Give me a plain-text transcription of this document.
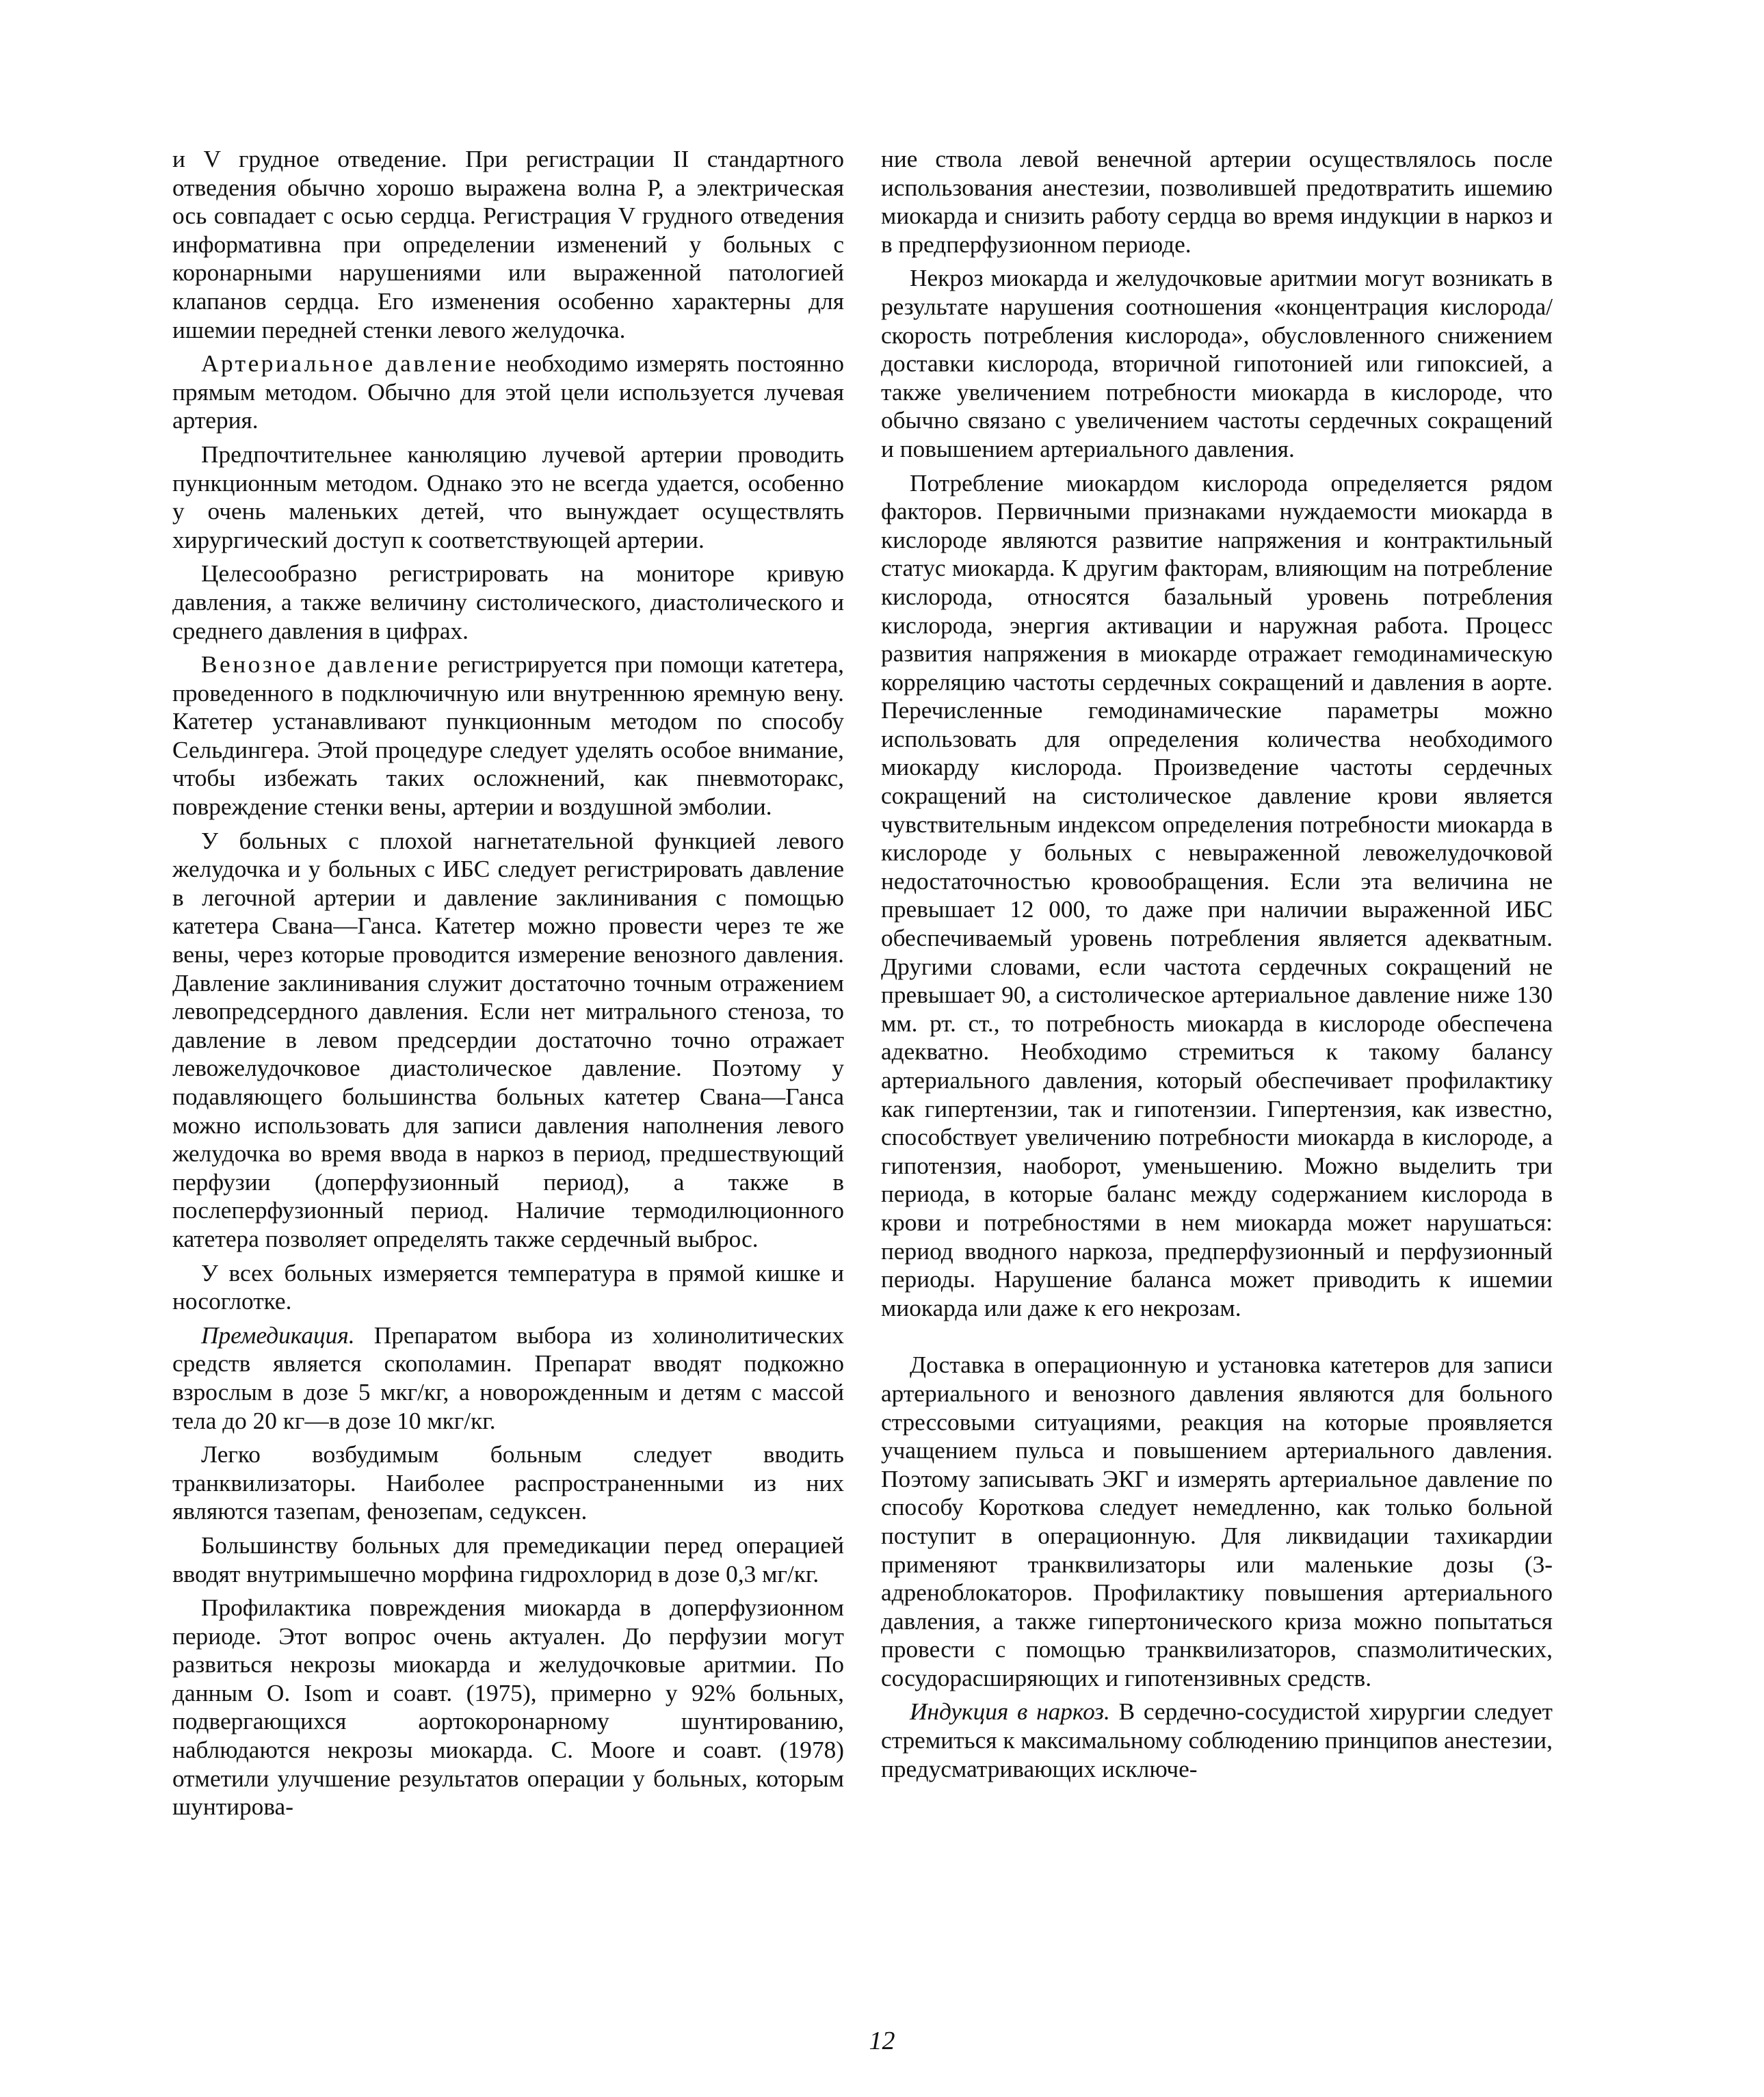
и V грудное отведение. При регистрации II стандартного отведения обычно хорошо выражена волна P, а электрическая ось совпадает с осью сердца. Регистрация V грудного отведения информативна при определении изменений у больных с коронарными нарушениями или выраженной патологией клапанов сердца. Его изменения особенно характерны для ишемии передней стенки левого желудочка.

Артериальное давление необходимо измерять постоянно прямым методом. Обычно для этой цели используется лучевая артерия.

Предпочтительнее канюляцию лучевой артерии проводить пункционным методом. Однако это не всегда удается, особенно у очень маленьких детей, что вынуждает осуществлять хирургический доступ к соответствующей артерии.

Целесообразно регистрировать на мониторе кривую давления, а также величину систолического, диастолического и среднего давления в цифрах.

Венозное давление регистрируется при помощи катетера, проведенного в подключичную или внутреннюю яремную вену. Катетер устанавливают пункционным методом по способу Сельдингера. Этой процедуре следует уделять особое внимание, чтобы избежать таких осложнений, как пневмоторакс, повреждение стенки вены, артерии и воздушной эмболии.

У больных с плохой нагнетательной функцией левого желудочка и у больных с ИБС следует регистрировать давление в легочной артерии и давление заклинивания с помощью катетера Свана—Ганса. Катетер можно провести через те же вены, через которые проводится измерение венозного давления. Давление заклинивания служит достаточно точным отражением левопредсердного давления. Если нет митрального стеноза, то давление в левом предсердии достаточно точно отражает левожелудочковое диастолическое давление. Поэтому у подавляющего большинства больных катетер Свана—Ганса можно использовать для записи давления наполнения левого желудочка во время ввода в наркоз в период, предшествующий перфузии (доперфузионный период), а также в послеперфузионный период. Наличие термодилюционного катетера позволяет определять также сердечный выброс.

У всех больных измеряется температура в прямой кишке и носоглотке.

Премедикация. Препаратом выбора из холинолитических средств является скополамин. Препарат вводят подкожно взрослым в дозе 5 мкг/кг, а новорожденным и детям с массой тела до 20 кг—в дозе 10 мкг/кг.

Легко возбудимым больным следует вводить транквилизаторы. Наиболее распространенными из них являются тазепам, фенозепам, седуксен.

Большинству больных для премедикации перед операцией вводят внутримышечно морфина гидрохлорид в дозе 0,3 мг/кг.

Профилактика повреждения миокарда в доперфузионном периоде. Этот вопрос очень актуален. До перфузии могут развиться некрозы миокарда и желудочковые аритмии. По данным O. Isom и соавт. (1975), примерно у 92% больных, подвергающихся аортокоронарному шунтированию, наблюдаются некрозы миокарда. C. Moore и соавт. (1978) отметили улучшение результатов операции у больных, которым шунтирова-

ние ствола левой венечной артерии осуществлялось после использования анестезии, позволившей предотвратить ишемию миокарда и снизить работу сердца во время индукции в наркоз и в предперфузионном периоде.

Некроз миокарда и желудочковые аритмии могут возникать в результате нарушения соотношения «концентрация кислорода/скорость потребления кислорода», обусловленного снижением доставки кислорода, вторичной гипотонией или гипоксией, а также увеличением потребности миокарда в кислороде, что обычно связано с увеличением частоты сердечных сокращений и повышением артериального давления.

Потребление миокардом кислорода определяется рядом факторов. Первичными признаками нуждаемости миокарда в кислороде являются развитие напряжения и контрактильный статус миокарда. К другим факторам, влияющим на потребление кислорода, относятся базальный уровень потребления кислорода, энергия активации и наружная работа. Процесс развития напряжения в миокарде отражает гемодинамическую корреляцию частоты сердечных сокращений и давления в аорте. Перечисленные гемодинамические параметры можно использовать для определения количества необходимого миокарду кислорода. Произведение частоты сердечных сокращений на систолическое давление крови является чувствительным индексом определения потребности миокарда в кислороде у больных с невыраженной левожелудочковой недостаточностью кровообращения. Если эта величина не превышает 12 000, то даже при наличии выраженной ИБС обеспечиваемый уровень потребления является адекватным. Другими словами, если частота сердечных сокращений не превышает 90, а систолическое артериальное давление ниже 130 мм. рт. ст., то потребность миокарда в кислороде обеспечена адекватно. Необходимо стремиться к такому балансу артериального давления, который обеспечивает профилактику как гипертензии, так и гипотензии. Гипертензия, как известно, способствует увеличению потребности миокарда в кислороде, а гипотензия, наоборот, уменьшению. Можно выделить три периода, в которые баланс между содержанием кислорода в крови и потребностями в нем миокарда может нарушаться: период вводного наркоза, предперфузионный и перфузионный периоды. Нарушение баланса может приводить к ишемии миокарда или даже к его некрозам.

Доставка в операционную и установка катетеров для записи артериального и венозного давления являются для больного стрессовыми ситуациями, реакция на которые проявляется учащением пульса и повышением артериального давления. Поэтому записывать ЭКГ и измерять артериальное давление по способу Короткова следует немедленно, как только больной поступит в операционную. Для ликвидации тахикардии применяют транквилизаторы или маленькие дозы (3-адреноблокаторов. Профилактику повышения артериального давления, а также гипертонического криза можно попытаться провести с помощью транквилизаторов, спазмолитических, сосудорасширяющих и гипотензивных средств.

Индукция в наркоз. В сердечно-сосудистой хирургии следует стремиться к максимальному соблюдению принципов анестезии, предусматривающих исключе-

12
